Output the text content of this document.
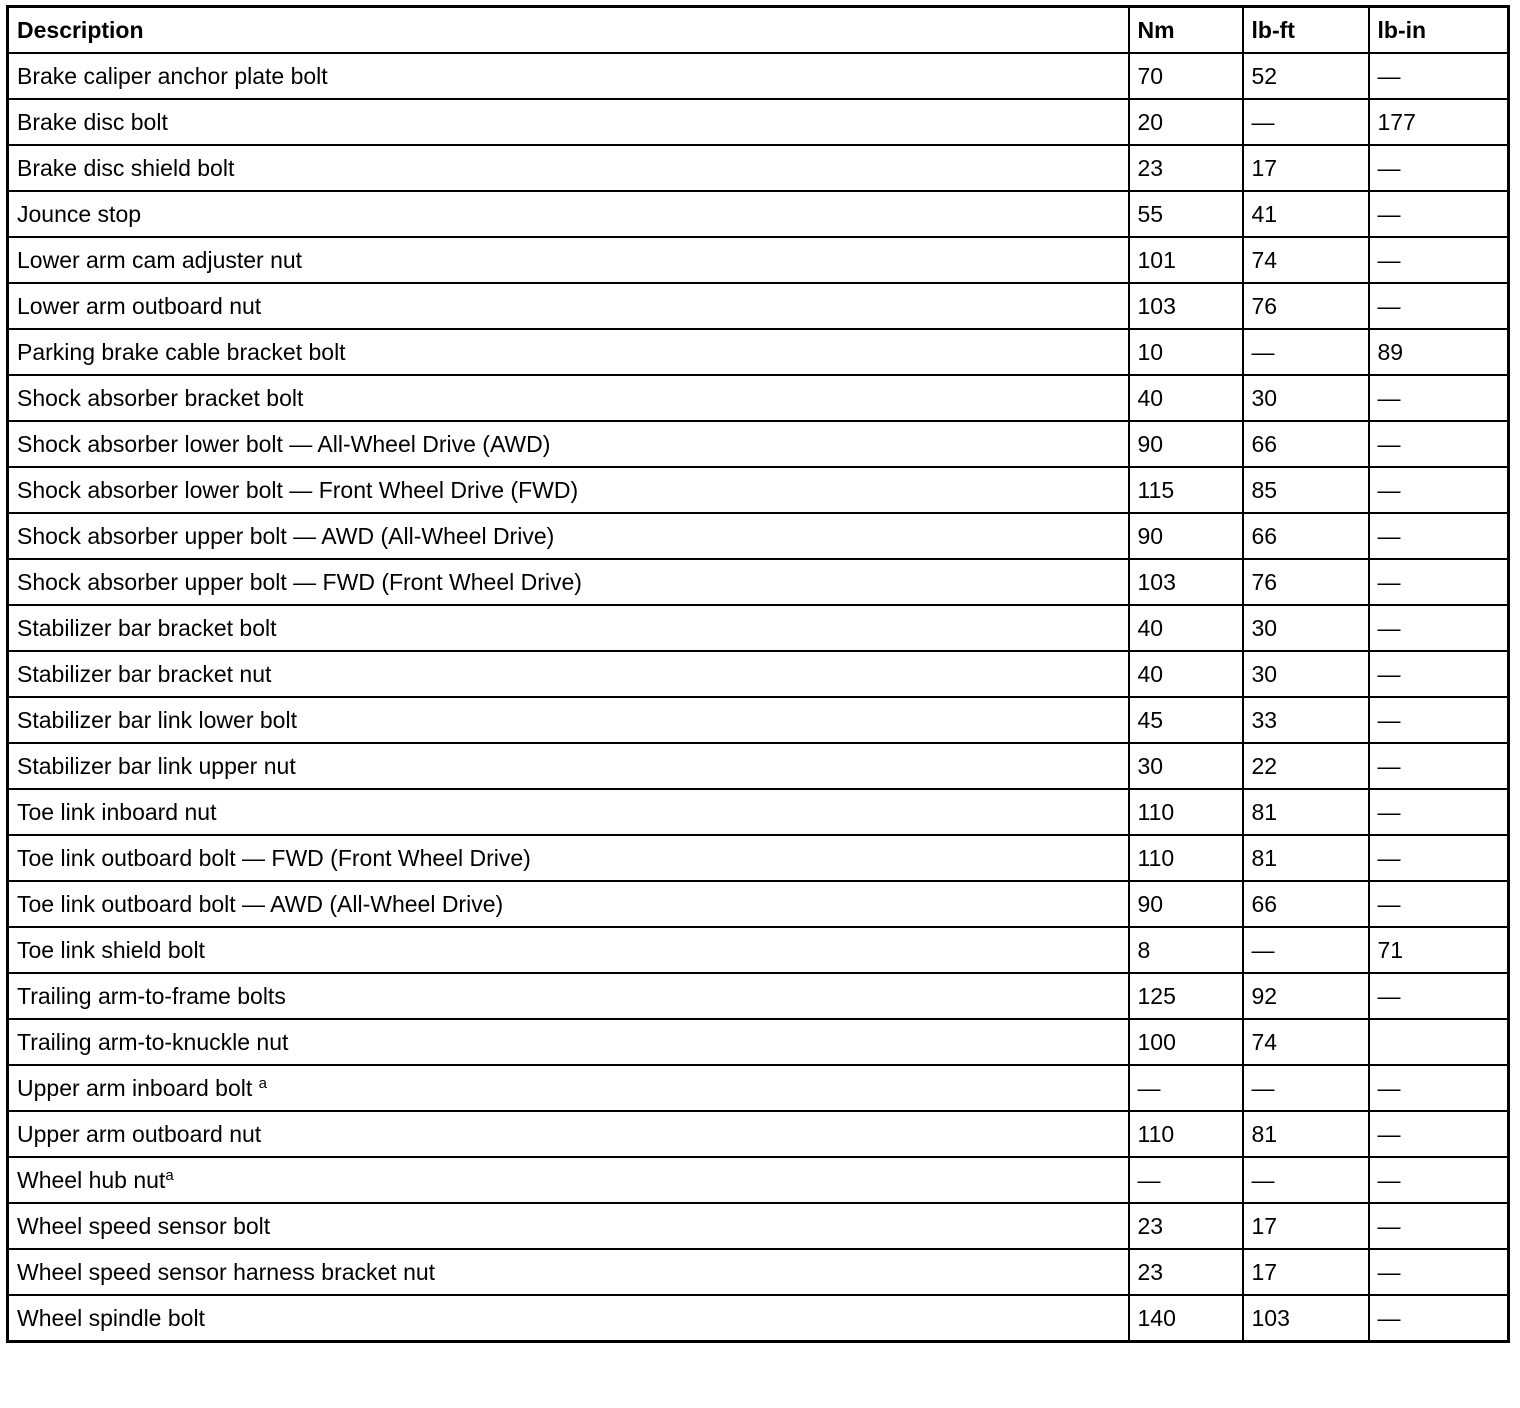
Description	Nm	lb-ft	lb-in
Brake caliper anchor plate bolt	70	52	—
Brake disc bolt	20	—	177
Brake disc shield bolt	23	17	—
Jounce stop	55	41	—
Lower arm cam adjuster nut	101	74	—
Lower arm outboard nut	103	76	—
Parking brake cable bracket bolt	10	—	89
Shock absorber bracket bolt	40	30	—
Shock absorber lower bolt — All-Wheel Drive (AWD)	90	66	—
Shock absorber lower bolt — Front Wheel Drive (FWD)	115	85	—
Shock absorber upper bolt — AWD (All-Wheel Drive)	90	66	—
Shock absorber upper bolt — FWD (Front Wheel Drive)	103	76	—
Stabilizer bar bracket bolt	40	30	—
Stabilizer bar bracket nut	40	30	—
Stabilizer bar link lower bolt	45	33	—
Stabilizer bar link upper nut	30	22	—
Toe link inboard nut	110	81	—
Toe link outboard bolt — FWD (Front Wheel Drive)	110	81	—
Toe link outboard bolt — AWD (All-Wheel Drive)	90	66	—
Toe link shield bolt	8	—	71
Trailing arm-to-frame bolts	125	92	—
Trailing arm-to-knuckle nut	100	74	
Upper arm inboard bolt $^a$	—	—	—
Upper arm outboard nut	110	81	—
Wheel hub nut$^a$	—	—	—
Wheel speed sensor bolt	23	17	—
Wheel speed sensor harness bracket nut	23	17	—
Wheel spindle bolt	140	103	—
